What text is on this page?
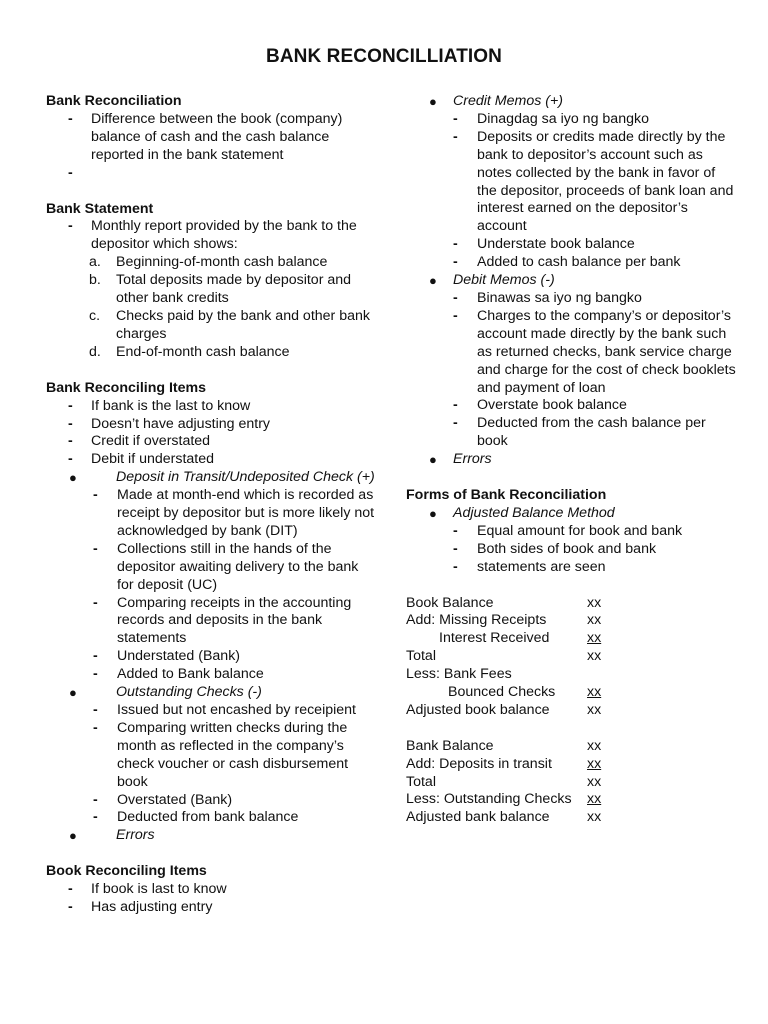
BANK RECONCILLIATION
Bank Reconciliation
- Difference between the book (company) balance of cash and the cash balance reported in the bank statement
-

Bank Statement
- Monthly report provided by the bank to the depositor which shows:
a. Beginning-of-month cash balance
b. Total deposits made by depositor and other bank credits
c. Checks paid by the bank and other bank charges
d. End-of-month cash balance
Bank Reconciling Items
- If bank is the last to know
- Doesn’t have adjusting entry
- Credit if overstated
- Debit if understated
●	Deposit in Transit/Undeposited Check (+)
- Made at month-end which is recorded as receipt by depositor but is more likely not acknowledged by bank (DIT)
- Collections still in the hands of the depositor awaiting delivery to the bank for deposit (UC)
- Comparing receipts in the accounting records and deposits in the bank statements
- Understated (Bank)
- Added to Bank balance
●	Outstanding Checks (-)
- Issued but not encashed by receipient
- Comparing written checks during the month as reflected in the company’s check voucher or cash disbursement book
- Overstated (Bank)
- Deducted from bank balance
●	Errors
Book Reconciling Items
- If book is last to know
- Has adjusting entry
● Credit Memos (+)
- Dinagdag sa iyo ng bangko
- Deposits or credits made directly by the bank to depositor’s account such as notes collected by the bank in favor of the depositor, proceeds of bank loan and interest earned on the depositor’s account
- Understate book balance
- Added to cash balance per bank
● Debit Memos (-)
- Binawas sa iyo ng bangko
- Charges to the company’s or depositor’s account made directly by the bank such as returned checks, bank service charge and charge for the cost of check booklets and payment of loan
- Overstate book balance
- Deducted from the cash balance per book
● Errors
Forms of Bank Reconciliation
● Adjusted Balance Method
- Equal amount for book and bank
- Both sides of book and bank
- statements are seen
Book Balance	xx
Add: Missing Receipts	xx
Interest Received	xx
Total	xx
Less: Bank Fees
Bounced Checks xx
Adjusted book balance	xx
Bank Balance	xx
Add: Deposits in transit xx
Total	xx
Less: Outstanding Checks xx
Adjusted bank balance	xx
